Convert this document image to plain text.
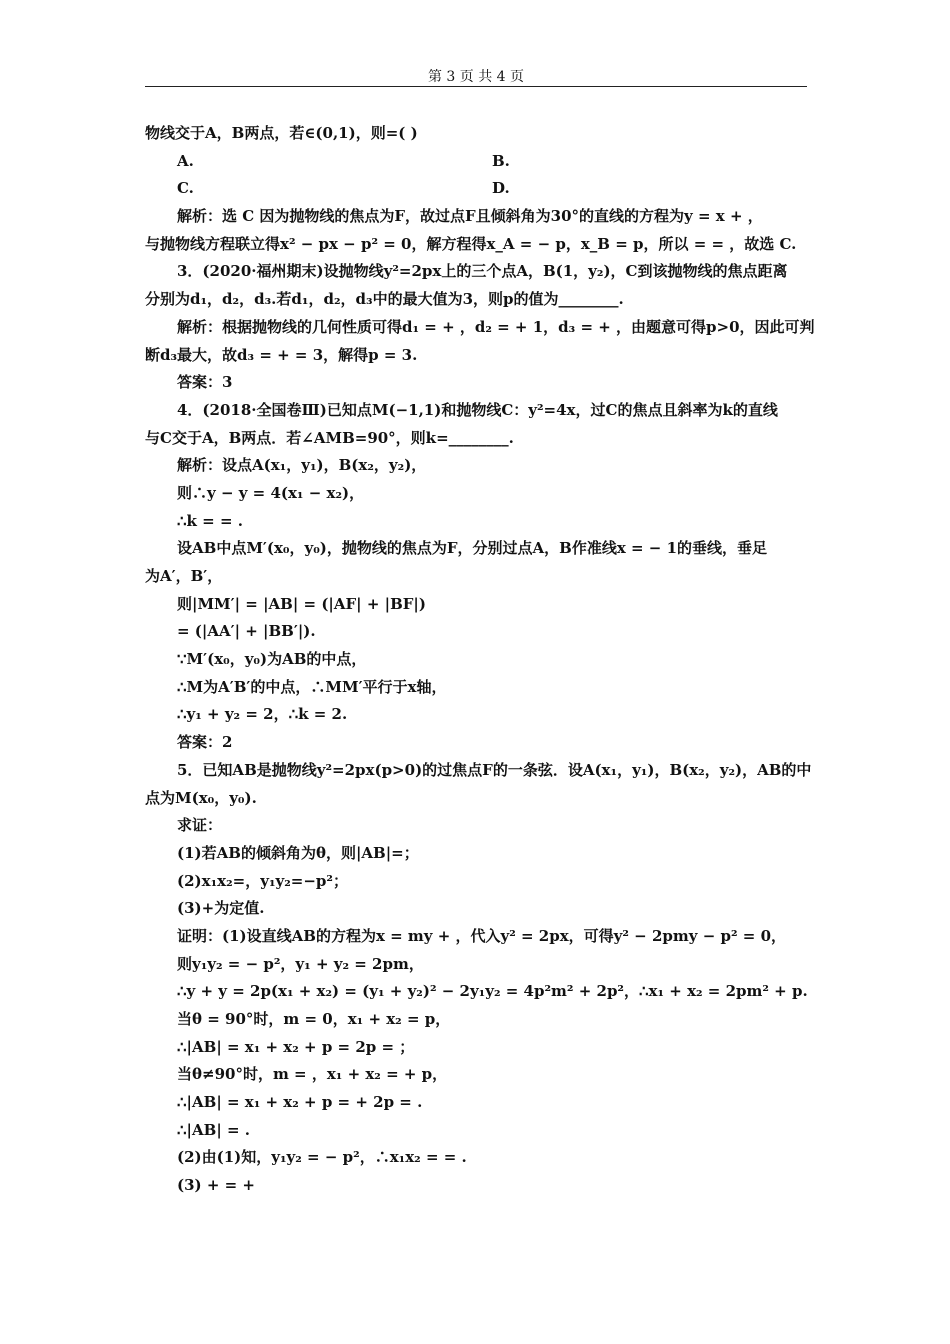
第 3 页 共 4 页
物线交于A，B两点，若∈(0,1)，则=( )
A.	B.
C.	D.
解析：选 C 因为抛物线的焦点为F，故过点F且倾斜角为30°的直线的方程为y = x + ，
与抛物线方程联立得x² − px − p² = 0，解方程得x_A = − p，x_B = p，所以 = = ，故选 C.
3．(2020·福州期末)设抛物线y²=2px上的三个点A，B(1，y₂)，C到该抛物线的焦点距离
分别为d₁，d₂，d₃.若d₁，d₂，d₃中的最大值为3，则p的值为________.
解析：根据抛物线的几何性质可得d₁ = + ，d₂ = + 1，d₃ = + ，由题意可得p>0，因此可判
断d₃最大，故d₃ = + = 3，解得p = 3.
答案：3
4．(2018·全国卷Ⅲ)已知点M(−1,1)和抛物线C：y²=4x，过C的焦点且斜率为k的直线
与C交于A，B两点．若∠AMB=90°，则k=________.
解析：设点A(x₁，y₁)，B(x₂，y₂)，
则∴y − y = 4(x₁ − x₂)，
∴k = = .
设AB中点M′(x₀，y₀)，抛物线的焦点为F，分别过点A，B作准线x = − 1的垂线，垂足
为A′，B′，
则|MM′| = |AB| = (|AF| + |BF|)
= (|AA′| + |BB′|).
∵M′(x₀，y₀)为AB的中点，
∴M为A′B′的中点，∴MM′平行于x轴，
∴y₁ + y₂ = 2，∴k = 2.
答案：2
5．已知AB是抛物线y²=2px(p>0)的过焦点F的一条弦．设A(x₁，y₁)，B(x₂，y₂)，AB的中
点为M(x₀，y₀).
求证：
(1)若AB的倾斜角为θ，则|AB|=；
(2)x₁x₂=，y₁y₂=−p²；
(3)+为定值.
证明：(1)设直线AB的方程为x = my + ，代入y² = 2px，可得y² − 2pmy − p² = 0，
则y₁y₂ = − p²，y₁ + y₂ = 2pm，
∴y + y = 2p(x₁ + x₂) = (y₁ + y₂)² − 2y₁y₂ = 4p²m² + 2p²，∴x₁ + x₂ = 2pm² + p.
当θ = 90°时，m = 0，x₁ + x₂ = p，
∴|AB| = x₁ + x₂ + p = 2p = ；
当θ≠90°时，m = ，x₁ + x₂ = + p，
∴|AB| = x₁ + x₂ + p = + 2p = .
∴|AB| = .
(2)由(1)知，y₁y₂ = − p²，∴x₁x₂ = = .
(3) + = +
